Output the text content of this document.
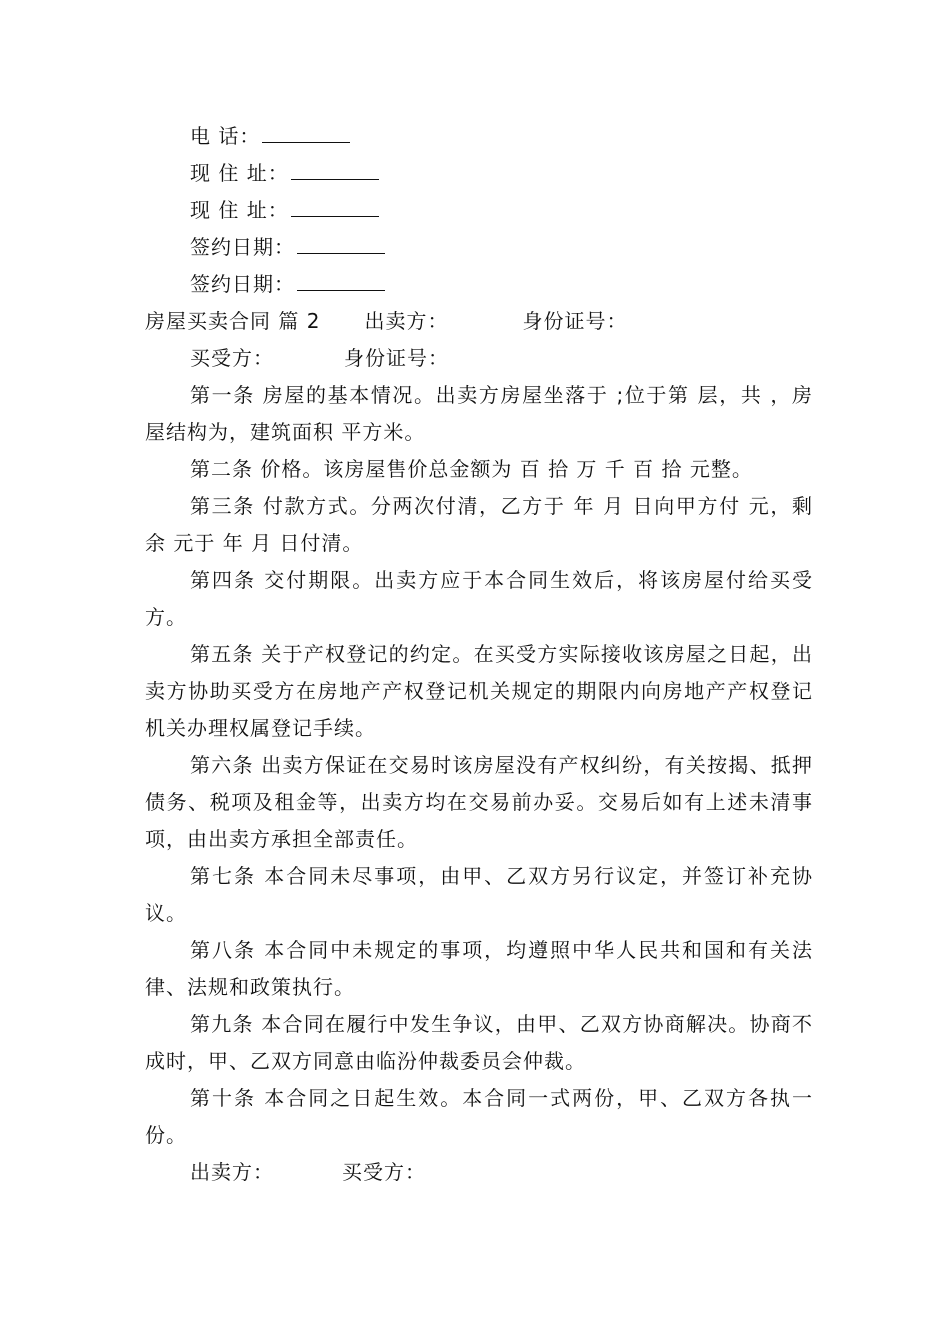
电 话：
现 住 址：
现 住 址：
签约日期：
签约日期：
房屋买卖合同 篇 2 出卖方：	身份证号：
买受方：	身份证号：
第一条 房屋的基本情况。出卖方房屋坐落于 ;位于第 层，共 ，房屋结构为，建筑面积 平方米。
第二条 价格。该房屋售价总金额为 百 拾 万 千 百 拾 元整。
第三条 付款方式。分两次付清，乙方于 年 月 日向甲方付 元，剩余 元于 年 月 日付清。
第四条 交付期限。出卖方应于本合同生效后，将该房屋付给买受方。
第五条 关于产权登记的约定。在买受方实际接收该房屋之日起，出卖方协助买受方在房地产产权登记机关规定的期限内向房地产产权登记机关办理权属登记手续。
第六条 出卖方保证在交易时该房屋没有产权纠纷，有关按揭、抵押债务、税项及租金等，出卖方均在交易前办妥。交易后如有上述未清事项，由出卖方承担全部责任。
第七条 本合同未尽事项，由甲、乙双方另行议定，并签订补充协议。
第八条 本合同中未规定的事项，均遵照中华人民共和国和有关法律、法规和政策执行。
第九条 本合同在履行中发生争议，由甲、乙双方协商解决。协商不成时，甲、乙双方同意由临汾仲裁委员会仲裁。
第十条 本合同之日起生效。本合同一式两份，甲、乙双方各执一份。
出卖方：	买受方：
